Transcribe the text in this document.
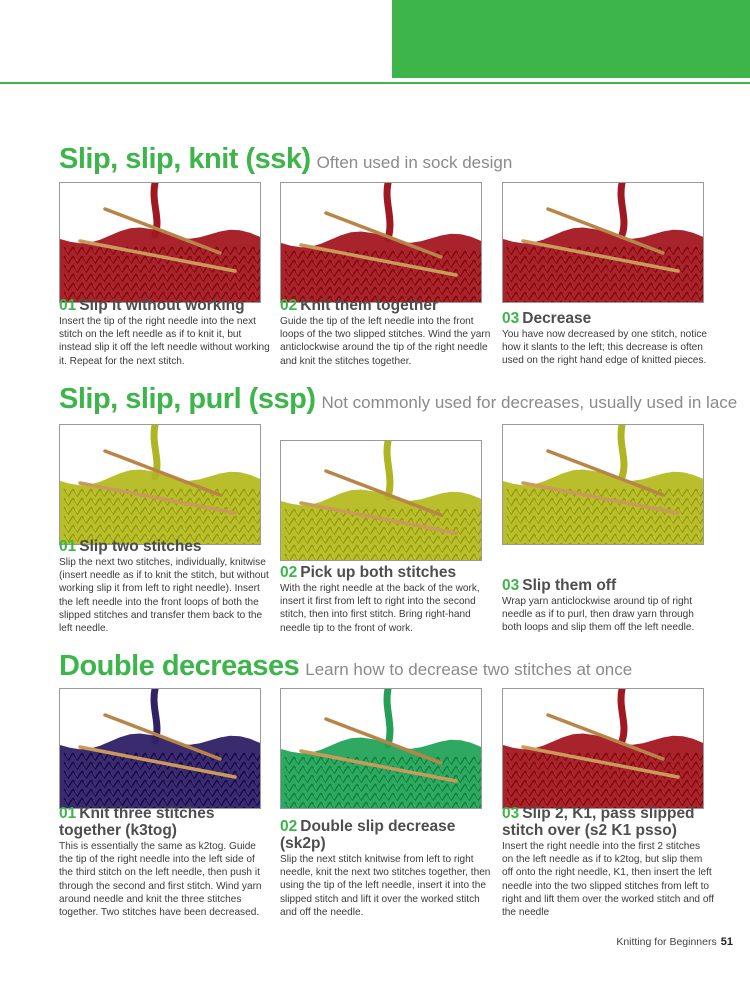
Slip, slip, knit (ssk) Often used in sock design
01 Slip it without working
Insert the tip of the right needle into the next stitch on the left needle as if to knit it, but instead slip it off the left needle without working it. Repeat for the next stitch.
02 Knit them together
Guide the tip of the left needle into the front loops of the two slipped stitches. Wind the yarn anticlockwise around the tip of the right needle and knit the stitches together.
03 Decrease
You have now decreased by one stitch, notice how it slants to the left; this decrease is often used on the right hand edge of knitted pieces.
Slip, slip, purl (ssp) Not commonly used for decreases, usually used in lace
01 Slip two stitches
Slip the next two stitches, individually, knitwise (insert needle as if to knit the stitch, but without working slip it from left to right needle). Insert the left needle into the front loops of both the slipped stitches and transfer them back to the left needle.
02 Pick up both stitches
With the right needle at the back of the work, insert it first from left to right into the second stitch, then into first stitch. Bring right-hand needle tip to the front of work.
03 Slip them off
Wrap yarn anticlockwise around tip of right needle as if to purl, then draw yarn through both loops and slip them off the left needle.
Double decreases Learn how to decrease two stitches at once
01 Knit three stitches together (k3tog)
This is essentially the same as k2tog. Guide the tip of the right needle into the left side of the third stitch on the left needle, then push it through the second and first stitch. Wind yarn around needle and knit the three stitches together. Two stitches have been decreased.
02 Double slip decrease (sk2p)
Slip the next stitch knitwise from left to right needle, knit the next two stitches together, then using the tip of the left needle, insert it into the slipped stitch and lift it over the worked stitch and off the needle.
03 Slip 2, K1, pass slipped stitch over (s2 K1 psso)
Insert the right needle into the first 2 stitches on the left needle as if to k2tog, but slip them off onto the right needle, K1, then insert the left needle into the two slipped stitches from left to right and lift them over the worked stitch and off the needle
Knitting for Beginners 51
